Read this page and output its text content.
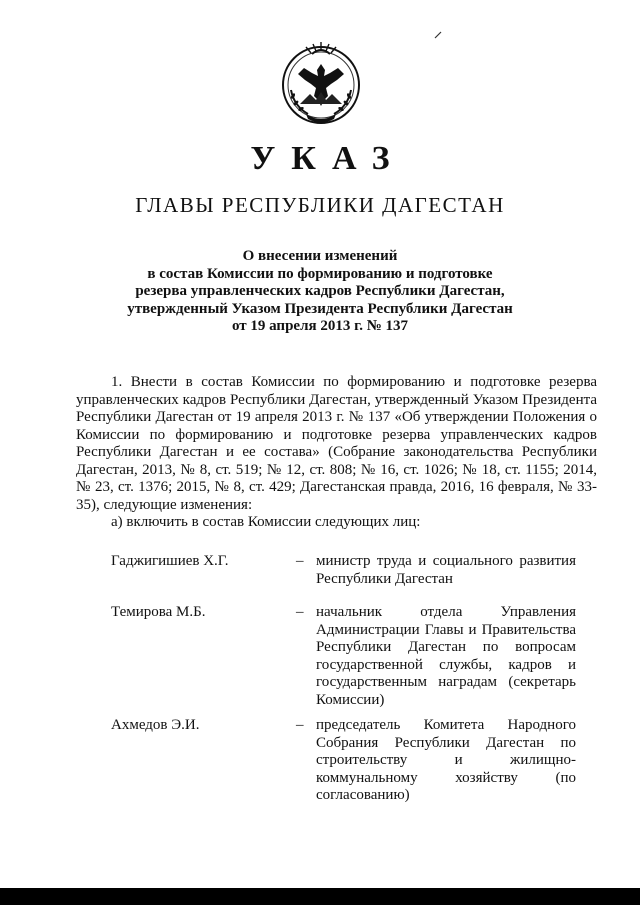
УКАЗ
ГЛАВЫ РЕСПУБЛИКИ ДАГЕСТАН
О внесении изменений
в состав Комиссии по формированию и подготовке
резерва управленческих кадров Республики Дагестан,
утвержденный Указом Президента Республики Дагестан
от 19 апреля 2013 г. № 137

1. Внести в состав Комиссии по формированию и подготовке резерва управленческих кадров Республики Дагестан, утвержденный Указом Президента Республики Дагестан от 19 апреля 2013 г. № 137 «Об утверждении Положения о Комиссии по формированию и подготовке резерва управленческих кадров Республики Дагестан и ее состава» (Собрание законодательства Республики Дагестан, 2013, № 8, ст. 519; № 12, ст. 808; № 16, ст. 1026; № 18, ст. 1155; 2014, № 23, ст. 1376; 2015, № 8, ст. 429; Дагестанская правда, 2016, 16 февраля, № 33-35), следующие изменения:

а) включить в состав Комиссии следующих лиц:

Гаджигишиев Х.Г.	– министр труда и социального развития Республики Дагестан
Темирова М.Б.	– начальник отдела Управления Администрации Главы и Правительства Республики Дагестан по вопросам государственной службы, кадров и государственным наградам (секретарь Комиссии)
Ахмедов Э.И.	– председатель Комитета Народного Собрания Республики Дагестан по строительству и жилищно-коммунальному хозяйству (по согласованию)
